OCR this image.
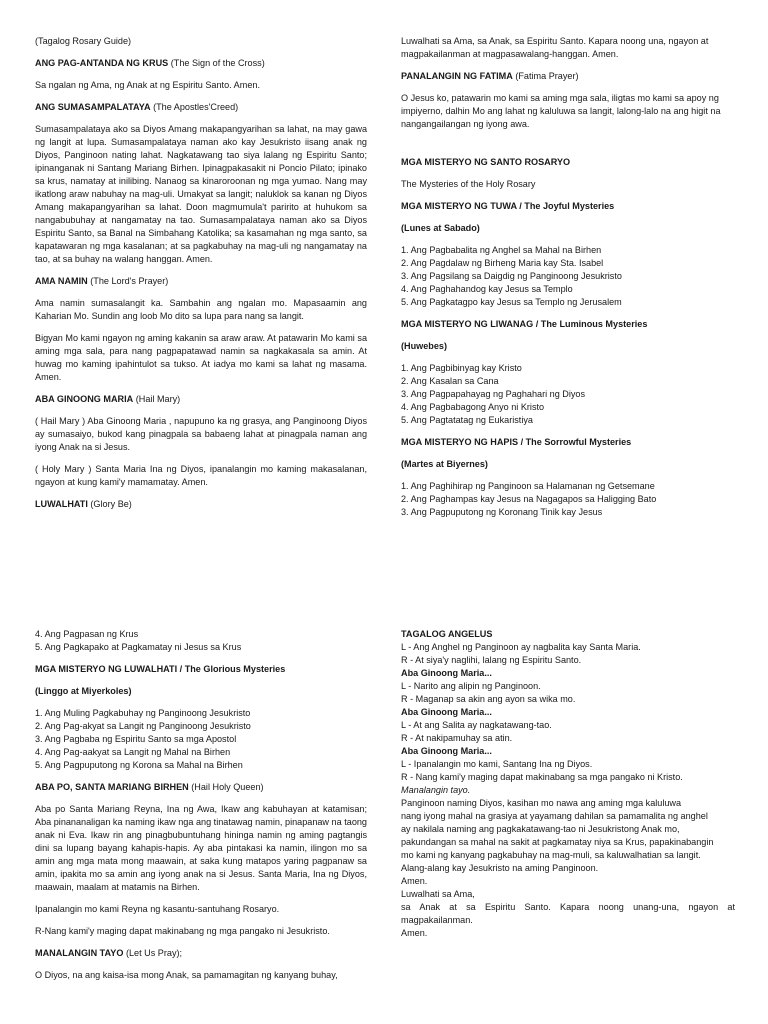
(Tagalog Rosary Guide)

ANG PAG-ANTANDA NG KRUS (The Sign of the Cross)

Sa ngalan ng Ama, ng Anak at ng Espiritu Santo. Amen.

ANG SUMASAMPALATAYA (The Apostles'Creed)

Sumasampalataya ako sa Diyos Amang makapangyarihan sa lahat, na may gawa ng langit at lupa. Sumasampalataya naman ako kay Jesukristo iisang anak ng Diyos, Panginoon nating lahat. Nagkatawang tao siya lalang ng Espiritu Santo; ipinanganak ni Santang Mariang Birhen. Ipinagpakasakit ni Poncio Pilato; ipinako sa krus, namatay at inilibing. Nanaog sa kinaroroonan ng mga yumao. Nang may ikatlong araw nabuhay na mag-uli. Umakyat sa langit; naluklok sa kanan ng Diyos Amang makapangyarihan sa lahat. Doon magmumula't paririto at huhukom sa nangabubuhay at nangamatay na tao. Sumasampalataya naman ako sa Diyos Espiritu Santo, sa Banal na Simbahang Katolika; sa kasamahan ng mga santo, sa kapatawaran ng mga kasalanan; at sa pagkabuhay na mag-uli ng nangamatay na tao, at sa buhay na walang hanggan. Amen.

AMA NAMIN (The Lord's Prayer)

Ama namin sumasalangit ka. Sambahin ang ngalan mo. Mapasaamin ang Kaharian Mo. Sundin ang loob Mo dito sa lupa para nang sa langit.

Bigyan Mo kami ngayon ng aming kakanin sa araw araw. At patawarin Mo kami sa aming mga sala, para nang pagpapatawad namin sa nagkakasala sa amin. At huwag mo kaming ipahintulot sa tukso. At iadya mo kami sa lahat ng masama. Amen.

ABA GINOONG MARIA (Hail Mary)

( Hail Mary ) Aba Ginoong Maria , napupuno ka ng grasya, ang Panginoong Diyos ay sumasaiyo, bukod kang pinagpala sa babaeng lahat at pinagpala naman ang iyong Anak na si Jesus.

( Holy Mary ) Santa Maria Ina ng Diyos, ipanalangin mo kaming makasalanan, ngayon at kung kami'y mamamatay. Amen.

LUWALHATI (Glory Be)

Luwalhati sa Ama, sa Anak, sa Espiritu Santo. Kapara noong una, ngayon at magpakailanman at magpasawalang-hanggan. Amen.

PANALANGIN NG FATIMA (Fatima Prayer)

O Jesus ko, patawarin mo kami sa aming mga sala, iligtas mo kami sa apoy ng impiyerno, dalhin Mo ang lahat ng kaluluwa sa langit, lalong-lalo na ang higit na nangangailangan ng iyong awa.

MGA MISTERYO NG SANTO ROSARYO

The Mysteries of the Holy Rosary

MGA MISTERYO NG TUWA / The Joyful Mysteries

(Lunes at Sabado)

1. Ang Pagbabalita ng Anghel sa Mahal na Birhen
2. Ang Pagdalaw ng Birheng Maria kay Sta. Isabel
3. Ang Pagsilang sa Daigdig ng Panginoong Jesukristo
4. Ang Paghahandog kay Jesus sa Templo
5. Ang Pagkatagpo kay Jesus sa Templo ng Jerusalem

MGA MISTERYO NG LIWANAG / The Luminous Mysteries

(Huwebes)

1. Ang Pagbibinyag kay Kristo
2. Ang Kasalan sa Cana
3. Ang Pagpapahayag ng Paghahari ng Diyos
4. Ang Pagbabagong Anyo ni Kristo
5. Ang Pagtatatag ng Eukaristiya

MGA MISTERYO NG HAPIS / The Sorrowful Mysteries

(Martes at Biyernes)

1. Ang Paghihirap ng Panginoon sa Halamanan ng Getsemane
2. Ang Paghampas kay Jesus na Nagagapos sa Haligging Bato
3. Ang Pagpuputong ng Koronang Tinik kay Jesus

4. Ang Pagpasan ng Krus
5. Ang Pagkapako at Pagkamatay ni Jesus sa Krus

MGA MISTERYO NG LUWALHATI / The Glorious Mysteries

(Linggo at Miyerkoles)

1. Ang Muling Pagkabuhay ng Panginoong Jesukristo
2. Ang Pag-akyat sa Langit ng Panginoong Jesukristo
3. Ang Pagbaba ng Espiritu Santo sa mga Apostol
4. Ang Pag-aakyat sa Langit ng Mahal na Birhen
5. Ang Pagpuputong ng Korona sa Mahal na Birhen

ABA PO, SANTA MARIANG BIRHEN (Hail Holy Queen)

Aba po Santa Mariang Reyna, Ina ng Awa, Ikaw ang kabuhayan at katamisan; Aba pinananaligan ka naming ikaw nga ang tinatawag namin, pinapanaw na taong anak ni Eva. Ikaw rin ang pinagbubuntuhang hininga namin ng aming pagtangis dini sa lupang bayang kahapis-hapis. Ay aba pintakasi ka namin, ilingon mo sa amin ang mga mata mong maawain, at saka kung matapos yaring pagpanaw sa amin, ipakita mo sa amin ang iyong anak na si Jesus. Santa Maria, Ina ng Diyos, maawain, maalam at matamis na Birhen.

Ipanalangin mo kami Reyna ng kasantu-santuhang Rosaryo.

R-Nang kami'y maging dapat makinabang ng mga pangako ni Jesukristo.

MANALANGIN TAYO (Let Us Pray);

O Diyos, na ang kaisa-isa mong Anak, sa pamamagitan ng kanyang buhay,

TAGALOG ANGELUS
L - Ang Anghel ng Panginoon ay nagbalita kay Santa Maria.
R - At siya'y naglihi, lalang ng Espiritu Santo.
Aba Ginoong Maria...
L - Narito ang alipin ng Panginoon.
R - Maganap sa akin ang ayon sa wika mo.
Aba Ginoong Maria...
L - At ang Salita ay nagkatawang-tao.
R - At nakipamuhay sa atin.
Aba Ginoong Maria...
L - Ipanalangin mo kami, Santang Ina ng Diyos.
R - Nang kami'y maging dapat makinabang sa mga pangako ni Kristo.
Manalangin tayo.
Panginoon naming Diyos, kasihan mo nawa ang aming mga kaluluwa
nang iyong mahal na grasiya at yayamang dahilan sa pamamalita ng anghel
ay nakilala naming ang pagkakatawang-tao ni Jesukristong Anak mo,
pakundangan sa mahal na sakit at pagkamatay niya sa Krus, papakinabangin
mo kami ng kanyang pagkabuhay na mag-muli, sa kaluwalhatian sa langit.
Alang-alang kay Jesukristo na aming Panginoon.
Amen.
Luwalhati sa Ama,
sa Anak at sa Espiritu Santo. Kapara noong unang-una, ngayon at magpakailanman.
Amen.
